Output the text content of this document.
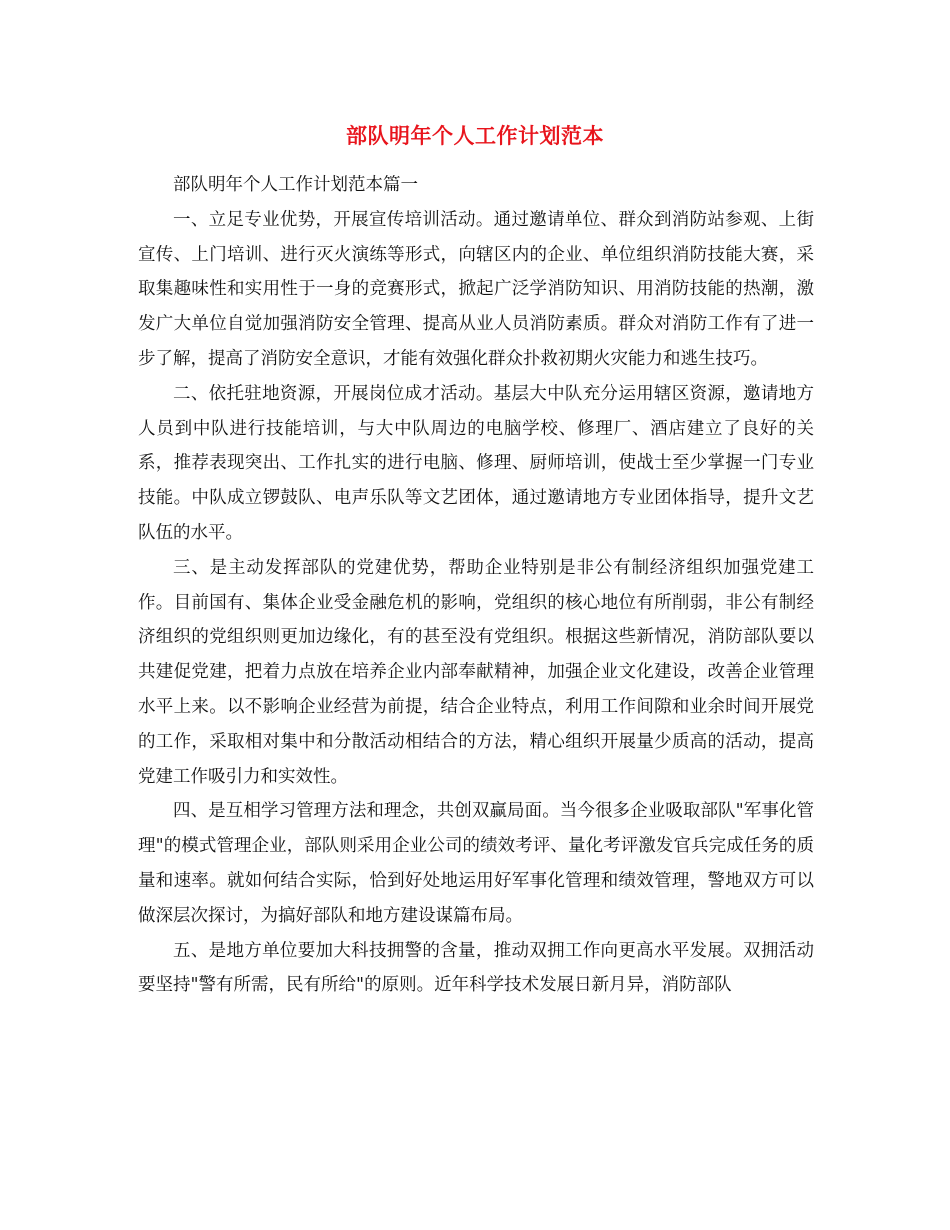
部队明年个人工作计划范本

部队明年个人工作计划范本篇一

一、立足专业优势，开展宣传培训活动。通过邀请单位、群众到消防站参观、上街宣传、上门培训、进行灭火演练等形式，向辖区内的企业、单位组织消防技能大赛，采取集趣味性和实用性于一身的竞赛形式，掀起广泛学消防知识、用消防技能的热潮，激发广大单位自觉加强消防安全管理、提高从业人员消防素质。群众对消防工作有了进一步了解，提高了消防安全意识，才能有效强化群众扑救初期火灾能力和逃生技巧。

二、依托驻地资源，开展岗位成才活动。基层大中队充分运用辖区资源，邀请地方人员到中队进行技能培训，与大中队周边的电脑学校、修理厂、酒店建立了良好的关系，推荐表现突出、工作扎实的进行电脑、修理、厨师培训，使战士至少掌握一门专业技能。中队成立锣鼓队、电声乐队等文艺团体，通过邀请地方专业团体指导，提升文艺队伍的水平。

三、是主动发挥部队的党建优势，帮助企业特别是非公有制经济组织加强党建工作。目前国有、集体企业受金融危机的影响，党组织的核心地位有所削弱，非公有制经济组织的党组织则更加边缘化，有的甚至没有党组织。根据这些新情况，消防部队要以共建促党建，把着力点放在培养企业内部奉献精神，加强企业文化建设，改善企业管理水平上来。以不影响企业经营为前提，结合企业特点，利用工作间隙和业余时间开展党的工作，采取相对集中和分散活动相结合的方法，精心组织开展量少质高的活动，提高党建工作吸引力和实效性。

四、是互相学习管理方法和理念，共创双赢局面。当今很多企业吸取部队"军事化管理"的模式管理企业，部队则采用企业公司的绩效考评、量化考评激发官兵完成任务的质量和速率。就如何结合实际，恰到好处地运用好军事化管理和绩效管理，警地双方可以做深层次探讨，为搞好部队和地方建设谋篇布局。

五、是地方单位要加大科技拥警的含量，推动双拥工作向更高水平发展。双拥活动要坚持"警有所需，民有所给"的原则。近年科学技术发展日新月异，消防部队
